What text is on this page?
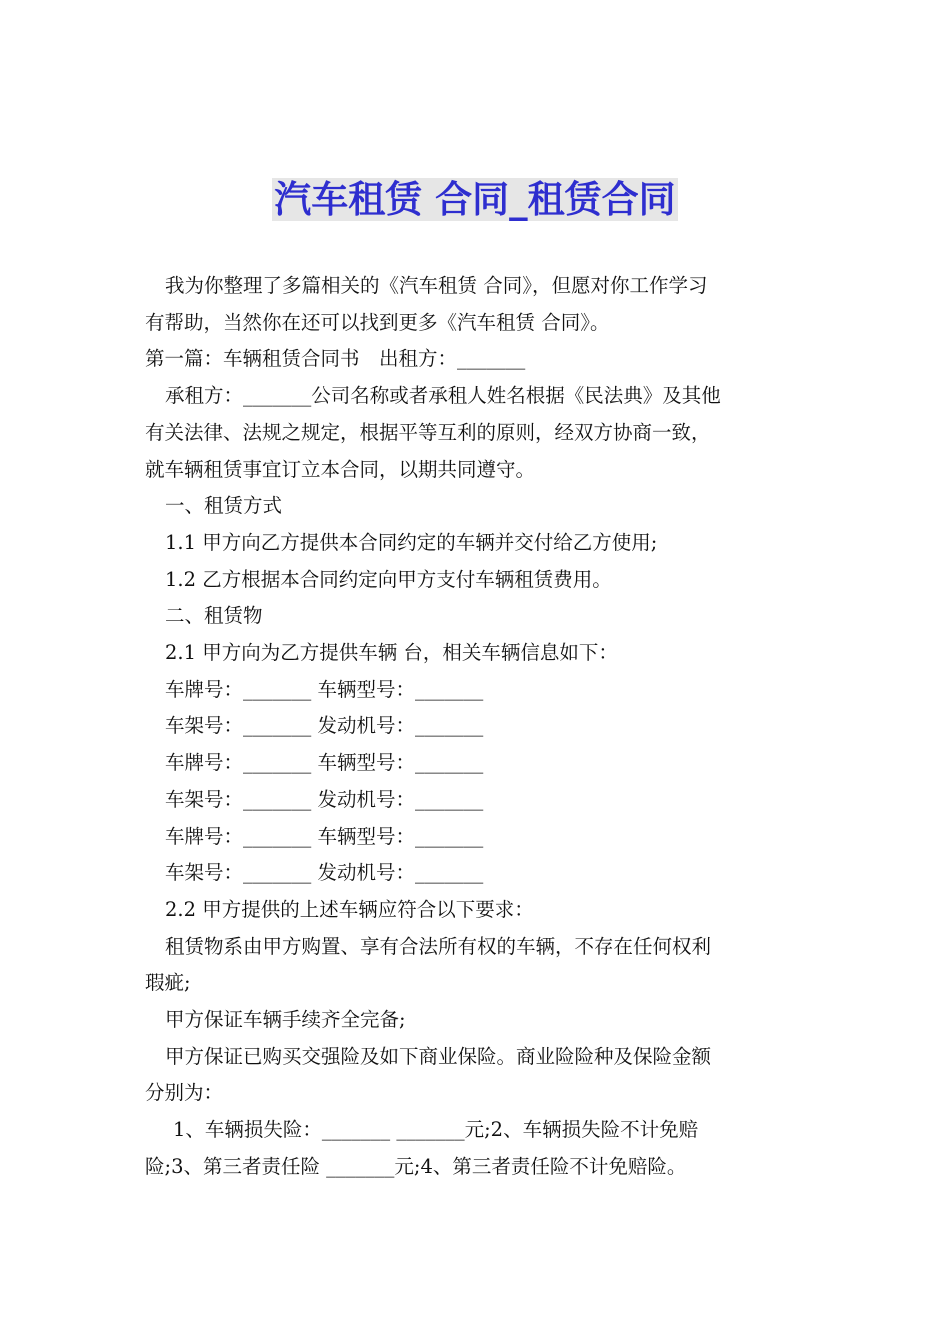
汽车租赁 合同_租赁合同

我为你整理了多篇相关的《汽车租赁 合同》，但愿对你工作学习

有帮助，当然你在还可以找到更多《汽车租赁 合同》。

第一篇：车辆租赁合同书　出租方：_______

承租方：_______公司名称或者承租人姓名根据《民法典》及其他

有关法律、法规之规定，根据平等互利的原则，经双方协商一致，

就车辆租赁事宜订立本合同，以期共同遵守。

一、租赁方式

1.1 甲方向乙方提供本合同约定的车辆并交付给乙方使用;

1.2 乙方根据本合同约定向甲方支付车辆租赁费用。

二、租赁物

2.1 甲方向为乙方提供车辆 台，相关车辆信息如下：

车牌号：_______ 车辆型号：_______

车架号：_______ 发动机号：_______

车牌号：_______ 车辆型号：_______

车架号：_______ 发动机号：_______

车牌号：_______ 车辆型号：_______

车架号：_______ 发动机号：_______

2.2 甲方提供的上述车辆应符合以下要求：

租赁物系由甲方购置、享有合法所有权的车辆，不存在任何权利

瑕疵;

甲方保证车辆手续齐全完备;

甲方保证已购买交强险及如下商业保险。商业险险种及保险金额

分别为：

1、车辆损失险：_______ _______元;2、车辆损失险不计免赔

险;3、第三者责任险 _______元;4、第三者责任险不计免赔险。
